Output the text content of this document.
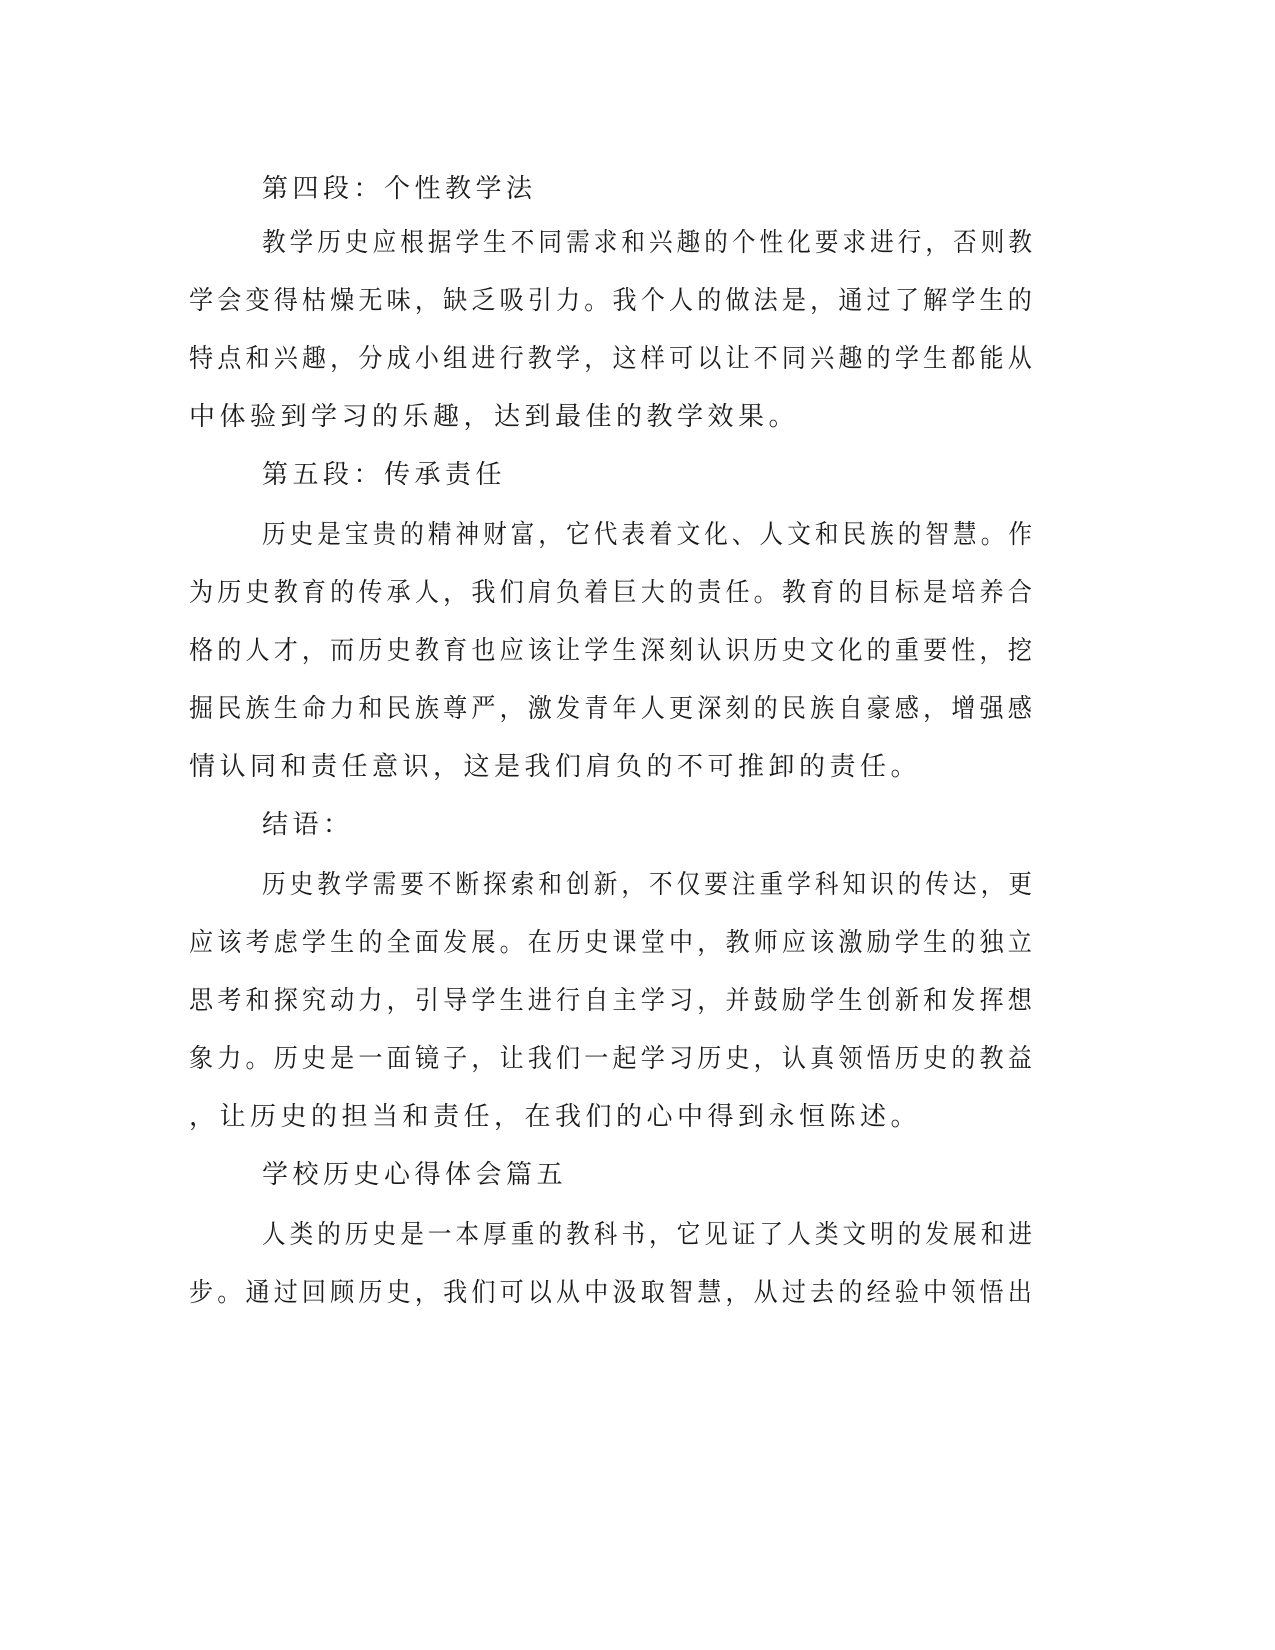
第四段：个性教学法
教学历史应根据学生不同需求和兴趣的个性化要求进行，否则教
学会变得枯燥无味，缺乏吸引力。我个人的做法是，通过了解学生的
特点和兴趣，分成小组进行教学，这样可以让不同兴趣的学生都能从
中体验到学习的乐趣，达到最佳的教学效果。
第五段：传承责任
历史是宝贵的精神财富，它代表着文化、人文和民族的智慧。作
为历史教育的传承人，我们肩负着巨大的责任。教育的目标是培养合
格的人才，而历史教育也应该让学生深刻认识历史文化的重要性，挖
掘民族生命力和民族尊严，激发青年人更深刻的民族自豪感，增强感
情认同和责任意识，这是我们肩负的不可推卸的责任。
结语：
历史教学需要不断探索和创新，不仅要注重学科知识的传达，更
应该考虑学生的全面发展。在历史课堂中，教师应该激励学生的独立
思考和探究动力，引导学生进行自主学习，并鼓励学生创新和发挥想
象力。历史是一面镜子，让我们一起学习历史，认真领悟历史的教益
，让历史的担当和责任，在我们的心中得到永恒陈述。
学校历史心得体会篇五
人类的历史是一本厚重的教科书，它见证了人类文明的发展和进
步。通过回顾历史，我们可以从中汲取智慧，从过去的经验中领悟出
